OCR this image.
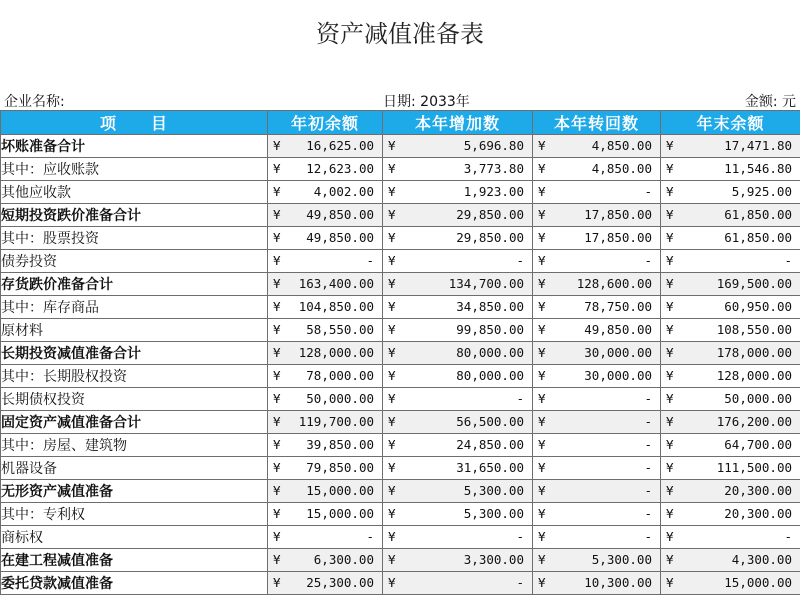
资产减值准备表
企业名称:	日期: 2033年	金额: 元
项　　目	年初余额	本年增加数	本年转回数	年末余额
坏账准备合计	¥ 16,625.00	¥ 5,696.80	¥ 4,850.00	¥ 17,471.80

其中：应收账款	¥ 12,623.00	¥ 3,773.80	¥ 4,850.00	¥ 11,546.80

其他应收款	¥ 4,002.00	¥ 1,923.00	¥ -	¥ 5,925.00

短期投资跌价准备合计	¥ 49,850.00	¥ 29,850.00	¥ 17,850.00	¥ 61,850.00

其中：股票投资	¥ 49,850.00	¥ 29,850.00	¥ 17,850.00	¥ 61,850.00

债券投资	¥ -	¥ -	¥ -	¥ -

存货跌价准备合计	¥ 163,400.00	¥ 134,700.00	¥ 128,600.00	¥ 169,500.00

其中：库存商品	¥ 104,850.00	¥ 34,850.00	¥ 78,750.00	¥ 60,950.00

原材料	¥ 58,550.00	¥ 99,850.00	¥ 49,850.00	¥ 108,550.00

长期投资减值准备合计	¥ 128,000.00	¥ 80,000.00	¥ 30,000.00	¥ 178,000.00

其中：长期股权投资	¥ 78,000.00	¥ 80,000.00	¥ 30,000.00	¥ 128,000.00

长期债权投资	¥ 50,000.00	¥ -	¥ -	¥ 50,000.00

固定资产减值准备合计	¥ 119,700.00	¥ 56,500.00	¥ -	¥ 176,200.00

其中：房屋、建筑物	¥ 39,850.00	¥ 24,850.00	¥ -	¥ 64,700.00

机器设备	¥ 79,850.00	¥ 31,650.00	¥ -	¥ 111,500.00

无形资产减值准备	¥ 15,000.00	¥ 5,300.00	¥ -	¥ 20,300.00

其中：专利权	¥ 15,000.00	¥ 5,300.00	¥ -	¥ 20,300.00

商标权	¥ -	¥ -	¥ -	¥ -

在建工程减值准备	¥ 6,300.00	¥ 3,300.00	¥ 5,300.00	¥ 4,300.00

委托贷款减值准备	¥ 25,300.00	¥ -	¥ 10,300.00	¥ 15,000.00
